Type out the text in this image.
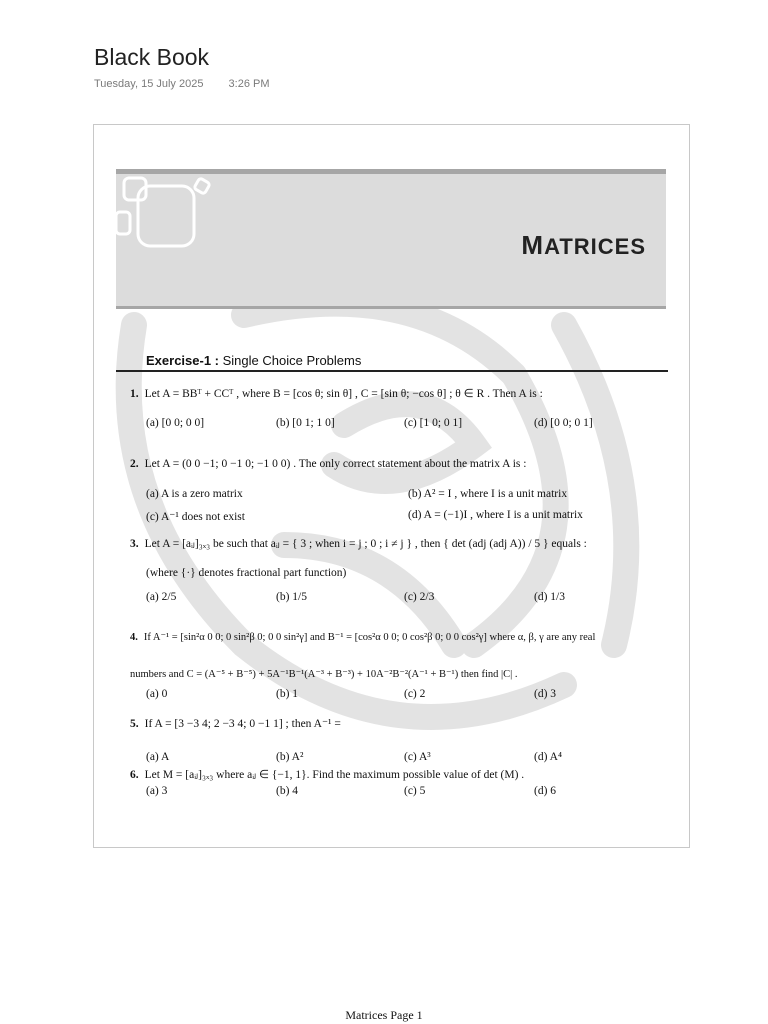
Black Book
Tuesday, 15 July 2025 3:26 PM
MATRICES
Exercise-1 : Single Choice Problems
1. Let A = BBᵀ + CCᵀ , where B = [cos θ; sin θ] , C = [sin θ; −cos θ] ; θ ∈ R . Then A is :
(a) [0 0; 0 0]	(b) [0 1; 1 0]	(c) [1 0; 0 1]	(d) [0 0; 0 1]
2. Let A = (0 0 −1; 0 −1 0; −1 0 0) . The only correct statement about the matrix A is :
(a) A is a zero matrix	(b) A² = I , where I is a unit matrix
(c) A⁻¹ does not exist	(d) A = (−1)I , where I is a unit matrix
3. Let A = [aᵢⱼ]₃ₓ₃ be such that aᵢⱼ = { 3 ; when i = j ; 0 ; i ≠ j } , then { det (adj (adj A)) / 5 } equals :
(where {·} denotes fractional part function)
(a) 2/5	(b) 1/5	(c) 2/3	(d) 1/3
4. If A⁻¹ = [sin²α 0 0; 0 sin²β 0; 0 0 sin²γ] and B⁻¹ = [cos²α 0 0; 0 cos²β 0; 0 0 cos²γ] where α, β, γ are any real
numbers and C = (A⁻⁵ + B⁻⁵) + 5A⁻¹B⁻¹(A⁻³ + B⁻³) + 10A⁻²B⁻²(A⁻¹ + B⁻¹) then find |C| .
(a) 0	(b) 1	(c) 2	(d) 3
5. If A = [3 −3 4; 2 −3 4; 0 −1 1] ; then A⁻¹ =
(a) A	(b) A²	(c) A³	(d) A⁴
6. Let M = [aᵢⱼ]₃ₓ₃ where aᵢⱼ ∈ {−1, 1}. Find the maximum possible value of det (M) .
(a) 3	(b) 4	(c) 5	(d) 6
Matrices Page 1
